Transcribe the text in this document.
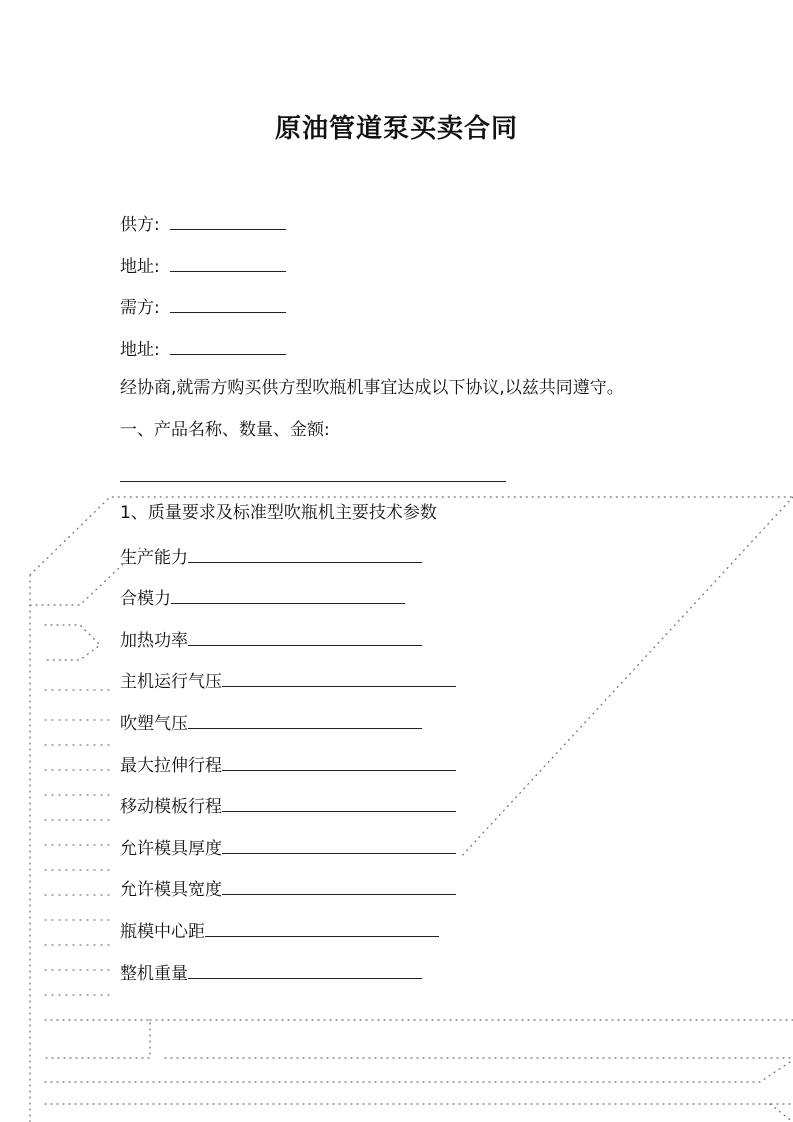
原油管道泵买卖合同
供方:
地址:
需方:
地址:
经协商,就需方购买供方型吹瓶机事宜达成以下协议,以兹共同遵守。
一、产品名称、数量、金额:
1、质量要求及标准型吹瓶机主要技术参数
生产能力
合模力
加热功率
主机运行气压
吹塑气压
最大拉伸行程
移动模板行程
允许模具厚度
允许模具宽度
瓶模中心距
整机重量
